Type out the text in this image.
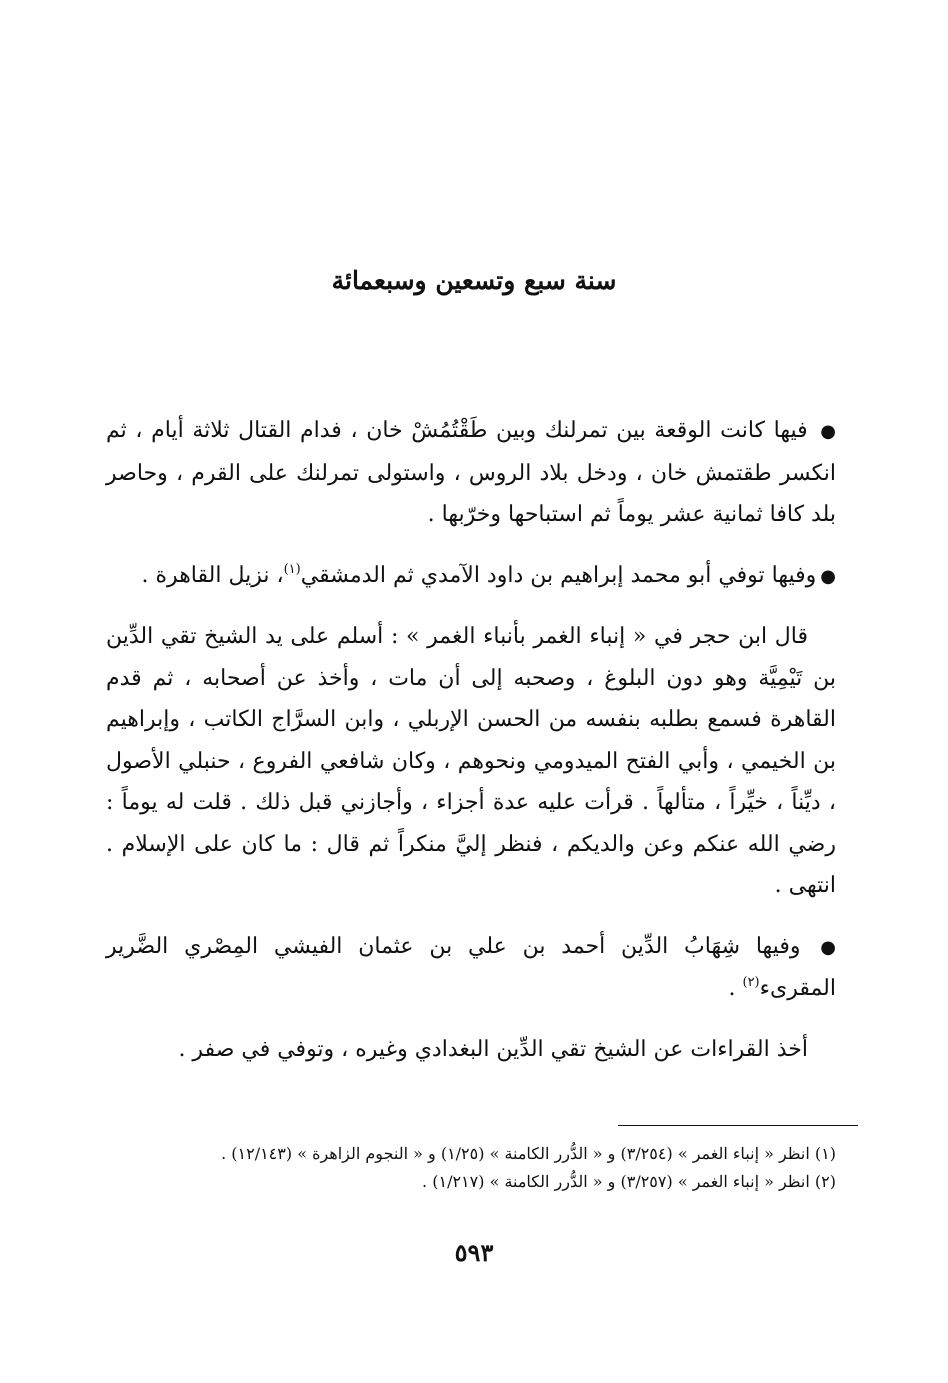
سنة سبع وتسعين وسبعمائة

● فيها كانت الوقعة بين تمرلنك وبين طَقْتُمُشْ خان ، فدام القتال ثلاثة أيام ، ثم انكسر طقتمش خان ، ودخل بلاد الروس ، واستولى تمرلنك على القرم ، وحاصر بلد كافا ثمانية عشر يوماً ثم استباحها وخرّبها .

●وفيها توفي أبو محمد إبراهيم بن داود الآمدي ثم الدمشقي$^{(١)}$، نزيل القاهرة .

قال ابن حجر في « إنباء الغمر بأنباء الغمر » : أسلم على يد الشيخ تقي الدِّين بن تَيْمِيَّة وهو دون البلوغ ، وصحبه إلى أن مات ، وأخذ عن أصحابه ، ثم قدم القاهرة فسمع بطلبه بنفسه من الحسن الإربلي ، وابن السرَّاج الكاتب ، وإبراهيم بن الخيمي ، وأبي الفتح الميدومي ونحوهم ، وكان شافعي الفروع ، حنبلي الأصول ، ديِّناً ، خيِّراً ، متألهاً . قرأت عليه عدة أجزاء ، وأجازني قبل ذلك . قلت له يوماً : رضي الله عنكم وعن والديكم ، فنظر إليَّ منكراً ثم قال : ما كان على الإسلام . انتهى .

● وفيها شِهَابُ الدِّين أحمد بن علي بن عثمان الفيشي المِصْري الضَّرير المقرىء$^{(٢)}$ .

أخذ القراءات عن الشيخ تقي الدِّين البغدادي وغيره ، وتوفي في صفر .

(١) انظر « إنباء الغمر » (٣/٢٥٤) و « الدُّرر الكامنة » (١/٢٥) و « النجوم الزاهرة » (١٢/١٤٣) .
(٢) انظر « إنباء الغمر » (٣/٢٥٧) و « الدُّرر الكامنة » (١/٢١٧) .
٥٩٣
